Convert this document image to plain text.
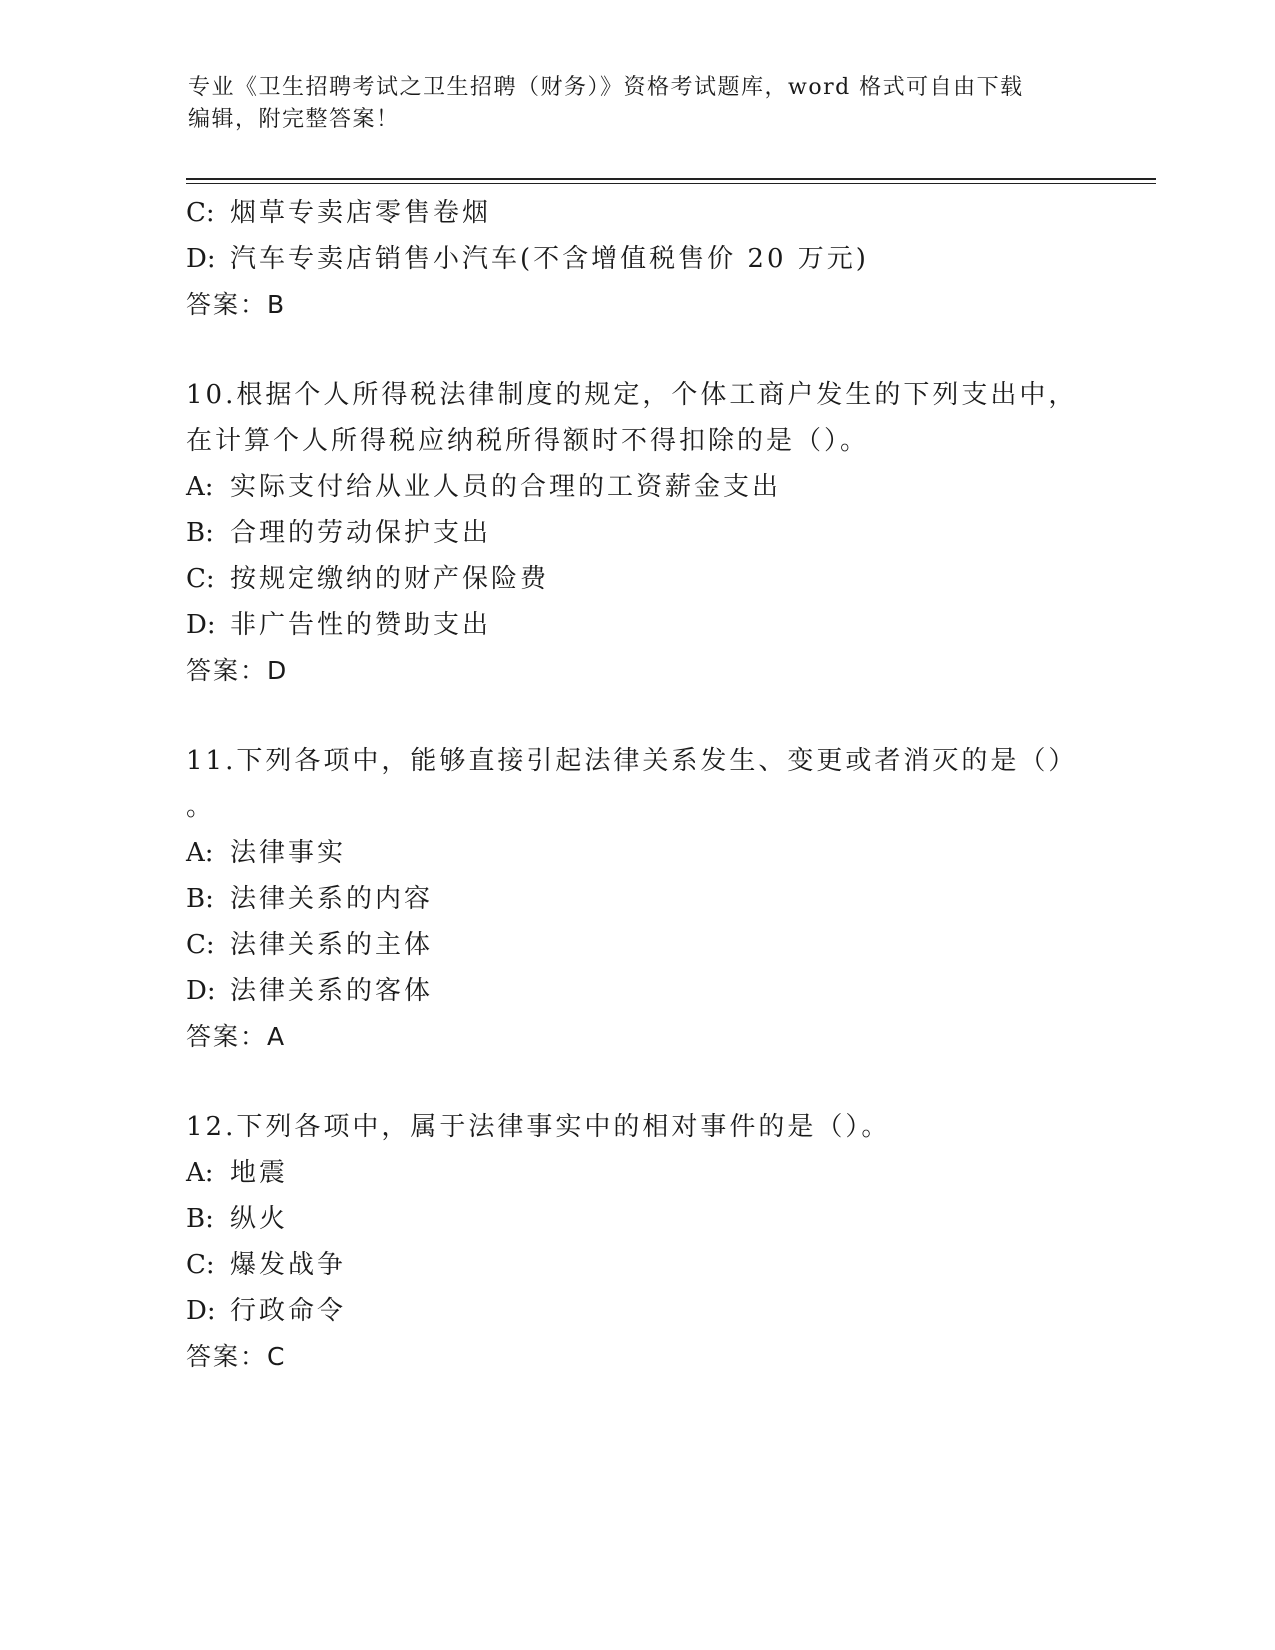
专业《卫生招聘考试之卫生招聘（财务）》资格考试题库，word 格式可自由下载
编辑，附完整答案！
C: 烟草专卖店零售卷烟
D: 汽车专卖店销售小汽车(不含增值税售价 20 万元)
答案：B
10.根据个人所得税法律制度的规定，个体工商户发生的下列支出中，
在计算个人所得税应纳税所得额时不得扣除的是（）。
A: 实际支付给从业人员的合理的工资薪金支出
B: 合理的劳动保护支出
C: 按规定缴纳的财产保险费
D: 非广告性的赞助支出
答案：D
11.下列各项中，能够直接引起法律关系发生、变更或者消灭的是（）
。
A: 法律事实
B: 法律关系的内容
C: 法律关系的主体
D: 法律关系的客体
答案：A
12.下列各项中，属于法律事实中的相对事件的是（）。
A: 地震
B: 纵火
C: 爆发战争
D: 行政命令
答案：C
